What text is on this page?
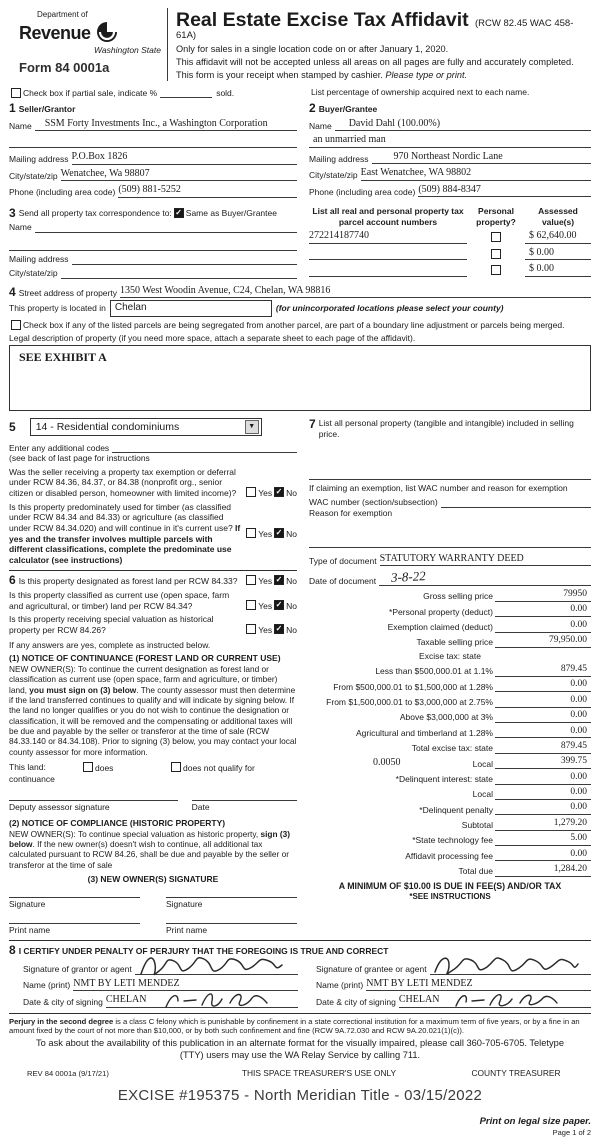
Department of
Revenue
Washington State
Form 84 0001a
Real Estate Excise Tax Affidavit (RCW 82.45 WAC 458-61A)
Only for sales in a single location code on or after January 1, 2020.
This affidavit will not be accepted unless all areas on all pages are fully and accurately completed.
This form is your receipt when stamped by cashier. Please type or print.
Check box if partial sale, indicate %	sold.	List percentage of ownership acquired next to each name.
1 Seller/Grantor
Name	SSM Forty Investments Inc., a Washington Corporation
Mailing address P.O.Box 1826
City/state/zip Wenatchee, Wa 98807
Phone (including area code) (509) 881-5252
2 Buyer/Grantee
Name	David Dahl (100.00%)
an unmarried man
Mailing address	970 Northeast Nordic Lane
City/state/zip East Wenatchee, WA 98802
Phone (including area code) (509) 884-8347
3 Send all property tax correspondence to: ✓ Same as Buyer/Grantee
Name
Mailing address
City/state/zip
List all real and personal property tax
parcel account numbers
Personal
property?
Assessed
value(s)
272214187740	$ 62,640.00
$ 0.00
$ 0.00
4 Street address of property 1350 West Woodin Avenue, C24, Chelan, WA 98816
This property is located in Chelan	(for unincorporated locations please select your county)
Check box if any of the listed parcels are being segregated from another parcel, are part of a boundary line adjustment or parcels being merged.
Legal description of property (if you need more space, attach a separate sheet to each page of the affidavit).
SEE EXHIBIT A
5 14 - Residential condominiums	▼
Enter any additional codes
(see back of last page for instructions
Was the seller receiving a property tax exemption or deferral under RCW 84.36, 84.37, or 84.38 (nonprofit org., senior citizen or disabled person, homeowner with limited income)?	Yes ✓ No
Is this property predominately used for timber (as classified under RCW 84.34 and 84.33) or agriculture (as classified under RCW 84.34.020) and will continue in it's current use? If yes and the transfer involves multiple parcels with different classifications, complete the predominate use calculator (see instructions)
Yes ✓ No
6 Is this property designated as forest land per RCW 84.33?	Yes ✓ No
Is this property classified as current use (open space, farm and agricultural, or timber) land per RCW 84.34?	Yes ✓ No
Is this property receiving special valuation as historical property per RCW 84.26?	Yes ✓ No
If any answers are yes, complete as instructed below.
(1) NOTICE OF CONTINUANCE (FOREST LAND OR CURRENT USE)
NEW OWNER(S): To continue the current designation as forest land or classification as current use (open space, farm and agriculture, or timber) land, you must sign on (3) below. The county assessor must then determine if the land transferred continues to qualify and will indicate by signing below. If the land no longer qualifies or you do not wish to continue the designation or classification, it will be removed and the compensating or additional taxes will be due and payable by the seller or transferor at the time of sale (RCW 84.33.140 or 84.34.108). Prior to signing (3) below, you may contact your local county assessor for more information.
This land:	does	does not qualify for
continuance
Deputy assessor signature	Date
(2) NOTICE OF COMPLIANCE (HISTORIC PROPERTY)
NEW OWNER(S): To continue special valuation as historic property, sign (3) below. If the new owner(s) doesn't wish to continue, all additional tax calculated pursuant to RCW 84.26, shall be due and payable by the seller or transferor at the time of sale
(3) NEW OWNER(S) SIGNATURE
Signature	Signature
Print name	Print name
7 List all personal property (tangible and intangible) included in selling price.
If claiming an exemption, list WAC number and reason for exemption
WAC number (section/subsection)
Reason for exemption
Type of document STATUTORY WARRANTY DEED
Date of document	3-8-22
Gross selling price	79950
*Personal property (deduct)	0.00
Exemption claimed (deduct)	0.00
Taxable selling price	79,950.00
Excise tax: state
Less than $500,000.01 at 1.1%	879.45
From $500,000.01 to $1,500,000 at 1.28%	0.00
From $1,500,000.01 to $3,000,000 at 2.75%	0.00
Above $3,000,000 at 3%	0.00
Agricultural and timberland at 1.28%	0.00
Total excise tax: state	879.45
0.0050	Local	399.75
*Delinquent interest: state	0.00
Local	0.00
*Delinquent penalty	0.00
Subtotal	1,279.20
*State technology fee	5.00
Affidavit processing fee	0.00
Total due	1,284.20
A MINIMUM OF $10.00 IS DUE IN FEE(S) AND/OR TAX
*SEE INSTRUCTIONS
8 I CERTIFY UNDER PENALTY OF PERJURY THAT THE FOREGOING IS TRUE AND CORRECT
Signature of grantor or agent
Name (print) NMT BY LETI MENDEZ
Date & city of signing CHELAN
Signature of grantee or agent
Name (print) NMT BY LETI MENDEZ
Date & city of signing CHELAN
Perjury in the second degree is a class C felony which is punishable by confinement in a state correctional institution for a maximum term of five years, or by a fine in an amount fixed by the court of not more than $10,000, or by both such confinement and fine (RCW 9A.72.030 and RCW 9A.20.021(1)(c)).
To ask about the availability of this publication in an alternate format for the visually impaired, please call 360-705-6705. Teletype
(TTY) users may use the WA Relay Service by calling 711.
REV 84 0001a (9/17/21)	THIS SPACE TREASURER'S USE ONLY	COUNTY TREASURER
EXCISE #195375 - North Meridian Title - 03/15/2022
Print on legal size paper.
Page 1 of 2
